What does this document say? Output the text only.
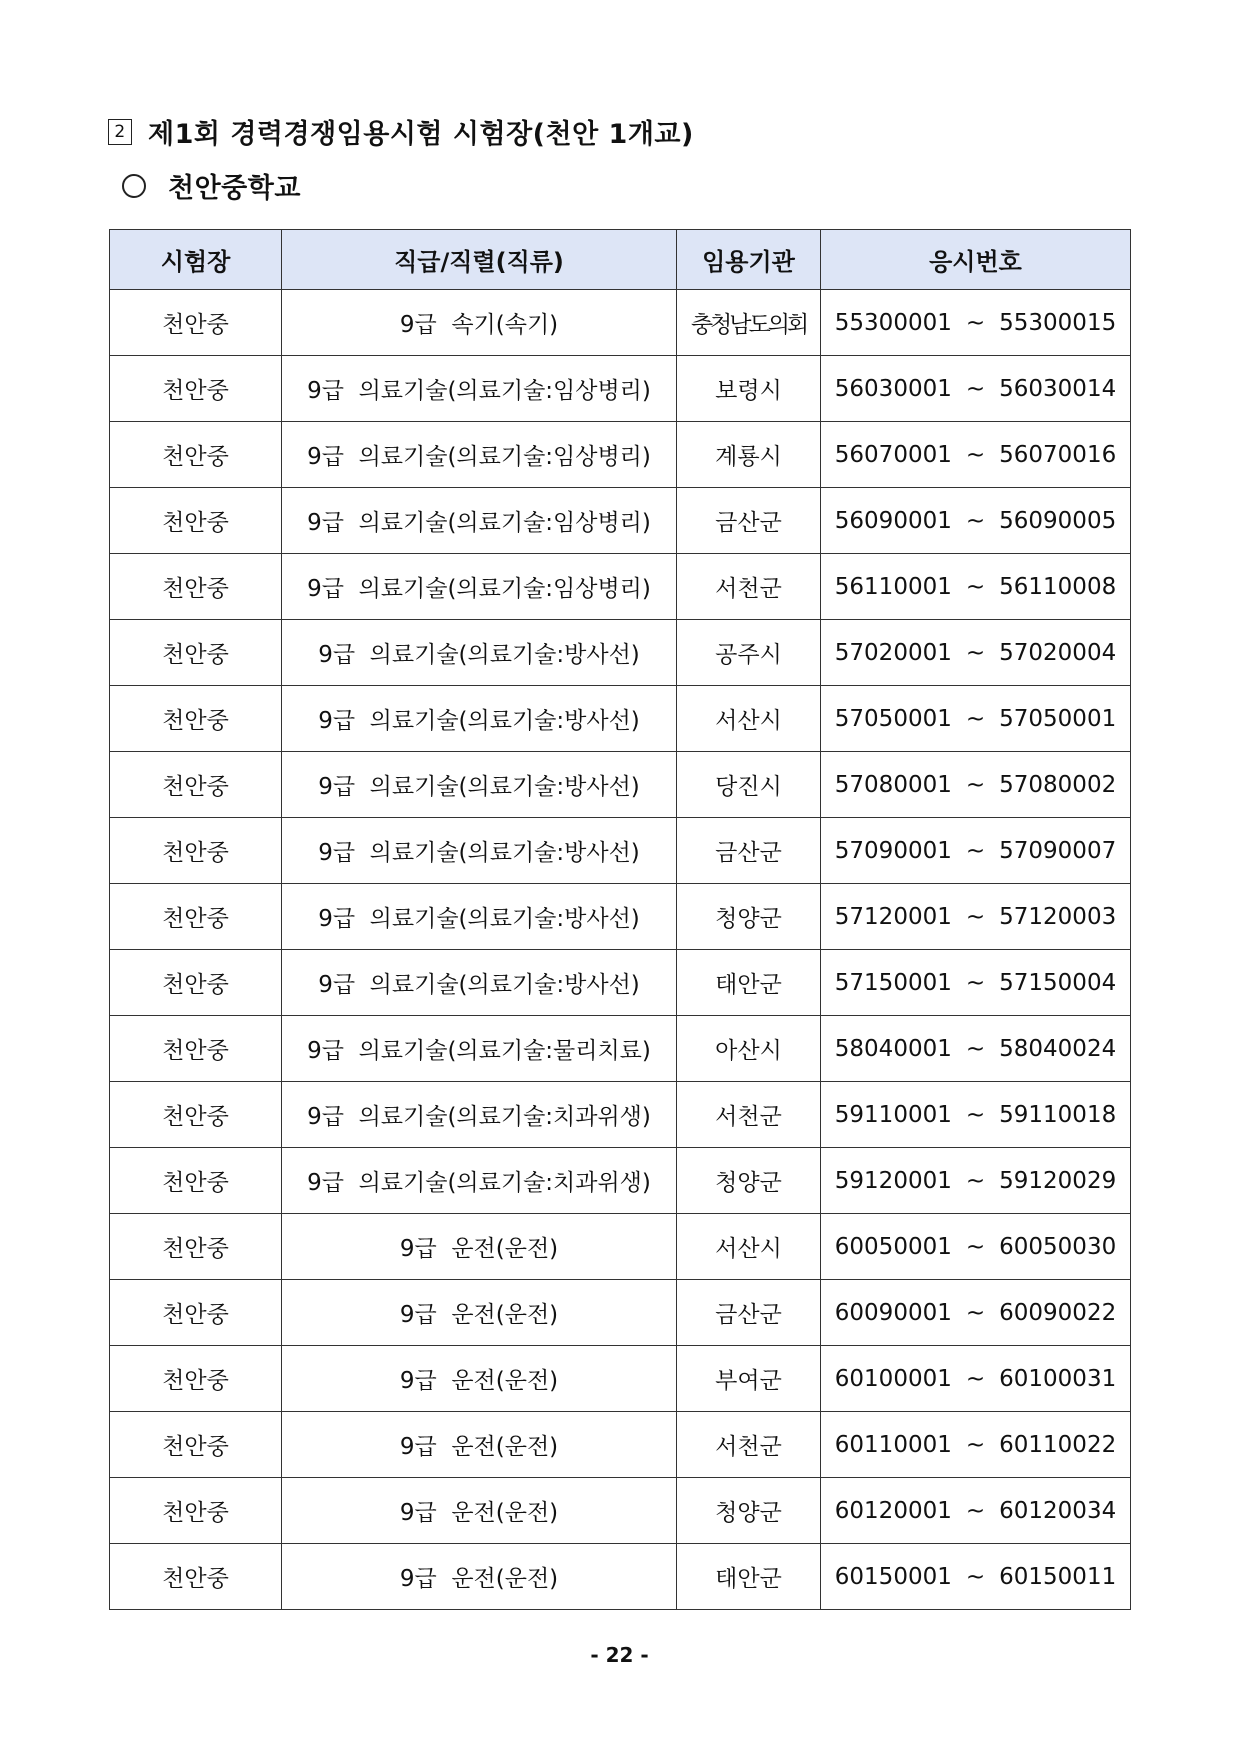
2 제1회 경력경쟁임용시험 시험장(천안 1개교)
천안중학교
시험장	직급/직렬(직류)	임용기관	응시번호
천안중	9급  속기(속기)	충청남도의회	55300001 ~ 55300015

천안중	9급  의료기술(의료기술:임상병리)	보령시	56030001 ~ 56030014

천안중	9급  의료기술(의료기술:임상병리)	계룡시	56070001 ~ 56070016

천안중	9급  의료기술(의료기술:임상병리)	금산군	56090001 ~ 56090005

천안중	9급  의료기술(의료기술:임상병리)	서천군	56110001 ~ 56110008

천안중	9급  의료기술(의료기술:방사선)	공주시	57020001 ~ 57020004

천안중	9급  의료기술(의료기술:방사선)	서산시	57050001 ~ 57050001

천안중	9급  의료기술(의료기술:방사선)	당진시	57080001 ~ 57080002

천안중	9급  의료기술(의료기술:방사선)	금산군	57090001 ~ 57090007

천안중	9급  의료기술(의료기술:방사선)	청양군	57120001 ~ 57120003

천안중	9급  의료기술(의료기술:방사선)	태안군	57150001 ~ 57150004

천안중	9급  의료기술(의료기술:물리치료)	아산시	58040001 ~ 58040024

천안중	9급  의료기술(의료기술:치과위생)	서천군	59110001 ~ 59110018

천안중	9급  의료기술(의료기술:치과위생)	청양군	59120001 ~ 59120029

천안중	9급  운전(운전)	서산시	60050001 ~ 60050030

천안중	9급  운전(운전)	금산군	60090001 ~ 60090022

천안중	9급  운전(운전)	부여군	60100001 ~ 60100031

천안중	9급  운전(운전)	서천군	60110001 ~ 60110022

천안중	9급  운전(운전)	청양군	60120001 ~ 60120034

천안중	9급  운전(운전)	태안군	60150001 ~ 60150011
- 22 -
